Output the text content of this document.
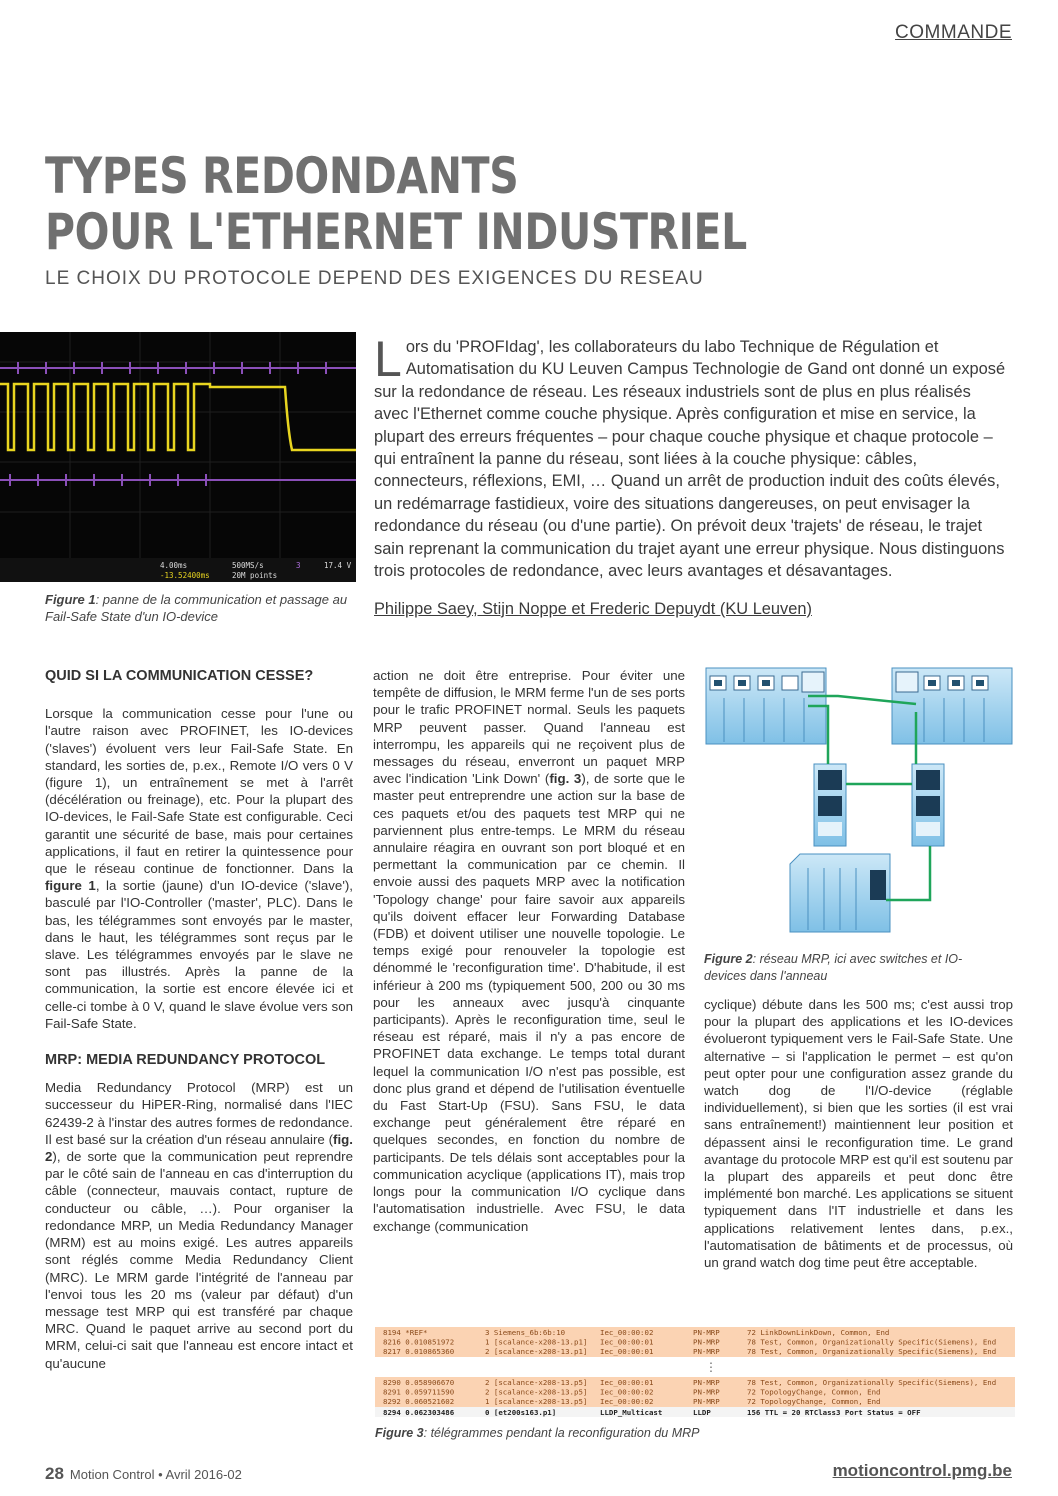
COMMANDE
TYPES REDONDANTS
POUR L'ETHERNET INDUSTRIEL
LE CHOIX DU PROTOCOLE DEPEND DES EXIGENCES DU RESEAU
4.00ms
-13.52400ms
500MS/s
20M points
3	17.4 V
Figure 1: panne de la communication et passage au Fail-Safe State d'un IO-device
Lors du 'PROFIdag', les collaborateurs du labo Technique de Régulation et Automatisation du KU Leuven Campus Technologie de Gand ont donné un exposé sur la redondance de réseau. Les réseaux industriels sont de plus en plus réalisés avec l'Ethernet comme couche physique. Après configuration et mise en service, la plupart des erreurs fréquentes – pour chaque couche physique et chaque protocole – qui entraînent la panne du réseau, sont liées à la couche physique: câbles, connecteurs, réflexions, EMI, … Quand un arrêt de production induit des coûts élevés, un redémarrage fastidieux, voire des situations dangereuses, on peut envisager la redondance du réseau (ou d'une partie). On prévoit deux 'trajets' de réseau, le trajet sain reprenant la communication du trajet ayant une erreur physique. Nous distinguons trois protocoles de redondance, avec leurs avantages et désavantages.
Philippe Saey, Stijn Noppe et Frederic Depuydt (KU Leuven)

QUID SI LA COMMUNICATION CESSE?

Lorsque la communication cesse pour l'une ou l'autre raison avec PROFINET, les IO-devices ('slaves') évoluent vers leur Fail-Safe State. En standard, les sorties de, p.ex., Remote I/O vers 0 V (figure 1), un entraînement se met à l'arrêt (décélération ou freinage), etc. Pour la plupart des IO-devices, le Fail-Safe State est configurable. Ceci garantit une sécurité de base, mais pour certaines applications, il faut en retirer la quintessence pour que le réseau continue de fonctionner. Dans la figure 1, la sortie (jaune) d'un IO-device ('slave'), basculé par l'IO-Controller ('master', PLC). Dans le bas, les télégrammes sont envoyés par le master, dans le haut, les télégrammes sont reçus par le slave. Les télégrammes envoyés par le slave ne sont pas illustrés. Après la panne de la communication, la sortie est encore élevée ici et celle-ci tombe à 0 V, quand le slave évolue vers son Fail-Safe State.

MRP: MEDIA REDUNDANCY PROTOCOL

Media Redundancy Protocol (MRP) est un successeur du HiPER-Ring, normalisé dans l'IEC 62439-2 à l'instar des autres formes de redondance. Il est basé sur la création d'un réseau annulaire (fig. 2), de sorte que la communication peut reprendre par le côté sain de l'anneau en cas d'interruption du câble (connecteur, mauvais contact, rupture de conducteur ou câble, …). Pour organiser la redondance MRP, un Media Redundancy Manager (MRM) est au moins exigé. Les autres appareils sont réglés comme Media Redundancy Client (MRC). Le MRM garde l'intégrité de l'anneau par l'envoi tous les 20 ms (valeur par défaut) d'un message test MRP qui est transféré par chaque MRC. Quand le paquet arrive au second port du MRM, celui-ci sait que l'anneau est encore intact et qu'aucune

action ne doit être entreprise. Pour éviter une tempête de diffusion, le MRM ferme l'un de ses ports pour le trafic PROFINET normal. Seuls les paquets MRP peuvent passer. Quand l'anneau est interrompu, les appareils qui ne reçoivent plus de messages du réseau, enverront un paquet MRP avec l'indication 'Link Down' (fig. 3), de sorte que le master peut entreprendre une action sur la base de ces paquets et/ou des paquets test MRP qui ne parviennent plus entre-temps. Le MRM du réseau annulaire réagira en ouvrant son port bloqué et en permettant la communication par ce chemin. Il envoie aussi des paquets MRP avec la notification 'Topology change' pour faire savoir aux appareils qu'ils doivent effacer leur Forwarding Database (FDB) et doivent utiliser une nouvelle topologie. Le temps exigé pour renouveler la topologie est dénommé le 'reconfiguration time'. D'habitude, il est inférieur à 200 ms (typiquement 500, 200 ou 30 ms pour les anneaux avec jusqu'à cinquante participants). Après le reconfiguration time, seul le réseau est réparé, mais il n'y a pas encore de PROFINET data exchange. Le temps total durant lequel la communication I/O n'est pas possible, est donc plus grand et dépend de l'utilisation éventuelle du Fast Start-Up (FSU). Sans FSU, le data exchange peut généralement être réparé en quelques secondes, en fonction du nombre de participants. De tels délais sont acceptables pour la communication acyclique (applications IT), mais trop longs pour la communication I/O cyclique dans l'automatisation industrielle. Avec FSU, le data exchange (communication

Figure 2: réseau MRP, ici avec switches et IO-devices dans l'anneau

cyclique) débute dans les 500 ms; c'est aussi trop pour la plupart des applications et les IO-devices évolueront typiquement vers le Fail-Safe State. Une alternative – si l'application le permet – est qu'on peut opter pour une configuration assez grande du watch dog de l'I/O-device (réglable individuellement), si bien que les sorties (il est vrai sans entraînement!) maintiennent leur position et dépassent ainsi le reconfiguration time. Le grand avantage du protocole MRP est qu'il est soutenu par la plupart des appareils et peut donc être implémenté bon marché. Les applications se situent typiquement dans l'IT industrielle et dans les applications relativement lentes dans, p.ex., l'automatisation de bâtiments et de processus, où un grand watch dog time peut être acceptable.

⋮
8194 *REF*	3 Siemens_6b:6b:10	Iec_00:00:02	PN-MRP	72 LinkDownLinkDown, Common, End
8216 0.010851972	1 [scalance-x208-13.p1] Iec_00:00:01	PN-MRP	78 Test, Common, Organizationally Specific(Siemens), End
8217 0.010865360	2 [scalance-x208-13.p1] Iec_00:00:01	PN-MRP	78 Test, Common, Organizationally Specific(Siemens), End
8290 0.058906670	2 [scalance-x208-13.p5] Iec_00:00:01	PN-MRP	78 Test, Common, Organizationally Specific(Siemens), End
8291 0.059711590	2 [scalance-x208-13.p5] Iec_00:00:02	PN-MRP	72 TopologyChange, Common, End
8292 0.060521602	1 [scalance-x208-13.p5] Iec_00:00:02	PN-MRP	72 TopologyChange, Common, End
8294 0.062303486	0 [et200s163.p1]	LLDP_Multicast	LLDP	156 TTL = 20 RTClass3 Port Status = OFF
Figure 3: télégrammes pendant la reconfiguration du MRP
28 Motion Control • Avril 2016-02	motioncontrol.pmg.be
